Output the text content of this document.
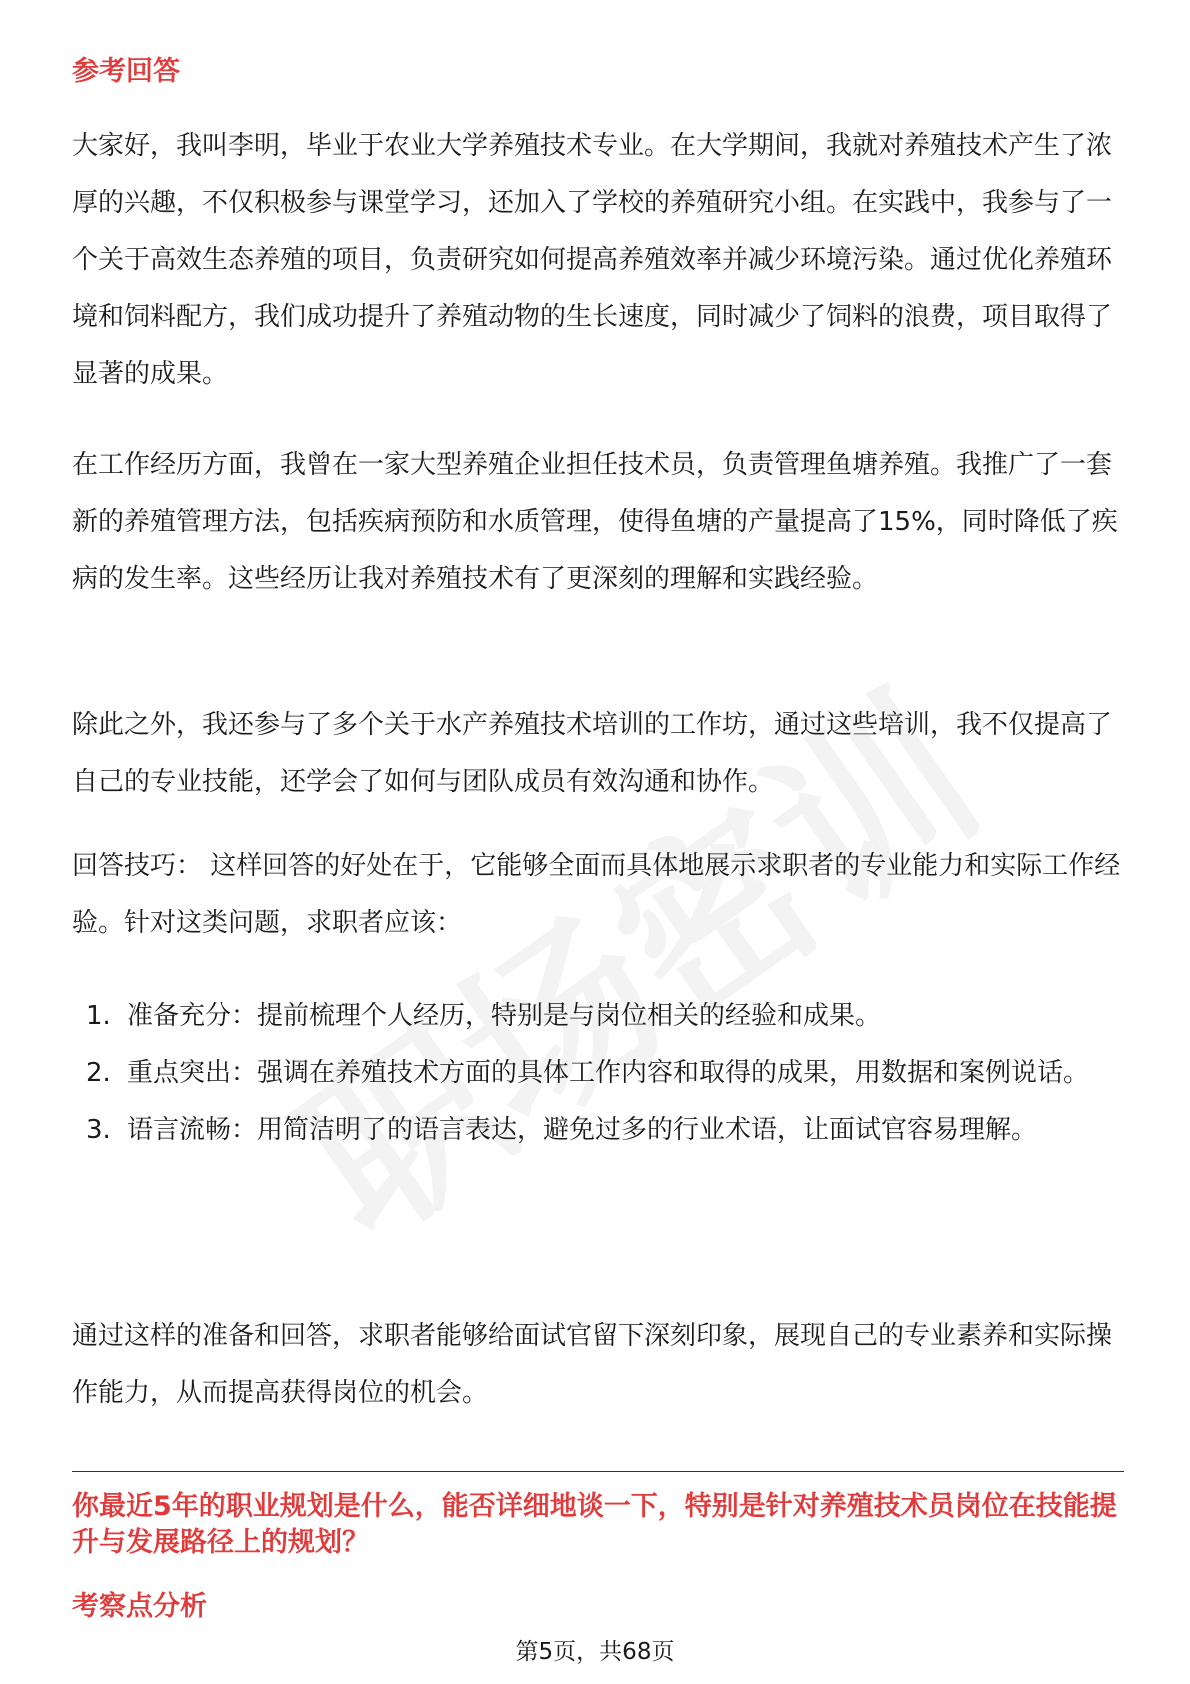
参考回答

大家好，我叫李明，毕业于农业大学养殖技术专业。在大学期间，我就对养殖技术产生了浓厚的兴趣，不仅积极参与课堂学习，还加入了学校的养殖研究小组。在实践中，我参与了一个关于高效生态养殖的项目，负责研究如何提高养殖效率并减少环境污染。通过优化养殖环境和饲料配方，我们成功提升了养殖动物的生长速度，同时减少了饲料的浪费，项目取得了显著的成果。

在工作经历方面，我曾在一家大型养殖企业担任技术员，负责管理鱼塘养殖。我推广了一套新的养殖管理方法，包括疾病预防和水质管理，使得鱼塘的产量提高了15%，同时降低了疾病的发生率。这些经历让我对养殖技术有了更深刻的理解和实践经验。

除此之外，我还参与了多个关于水产养殖技术培训的工作坊，通过这些培训，我不仅提高了自己的专业技能，还学会了如何与团队成员有效沟通和协作。

回答技巧： 这样回答的好处在于，它能够全面而具体地展示求职者的专业能力和实际工作经验。针对这类问题，求职者应该：

1. 准备充分：提前梳理个人经历，特别是与岗位相关的经验和成果。
2. 重点突出：强调在养殖技术方面的具体工作内容和取得的成果，用数据和案例说话。
3. 语言流畅：用简洁明了的语言表达，避免过多的行业术语，让面试官容易理解。

通过这样的准备和回答，求职者能够给面试官留下深刻印象，展现自己的专业素养和实际操作能力，从而提高获得岗位的机会。

你最近5年的职业规划是什么，能否详细地谈一下，特别是针对养殖技术员岗位在技能提升与发展路径上的规划？
考察点分析
第5页，共68页
